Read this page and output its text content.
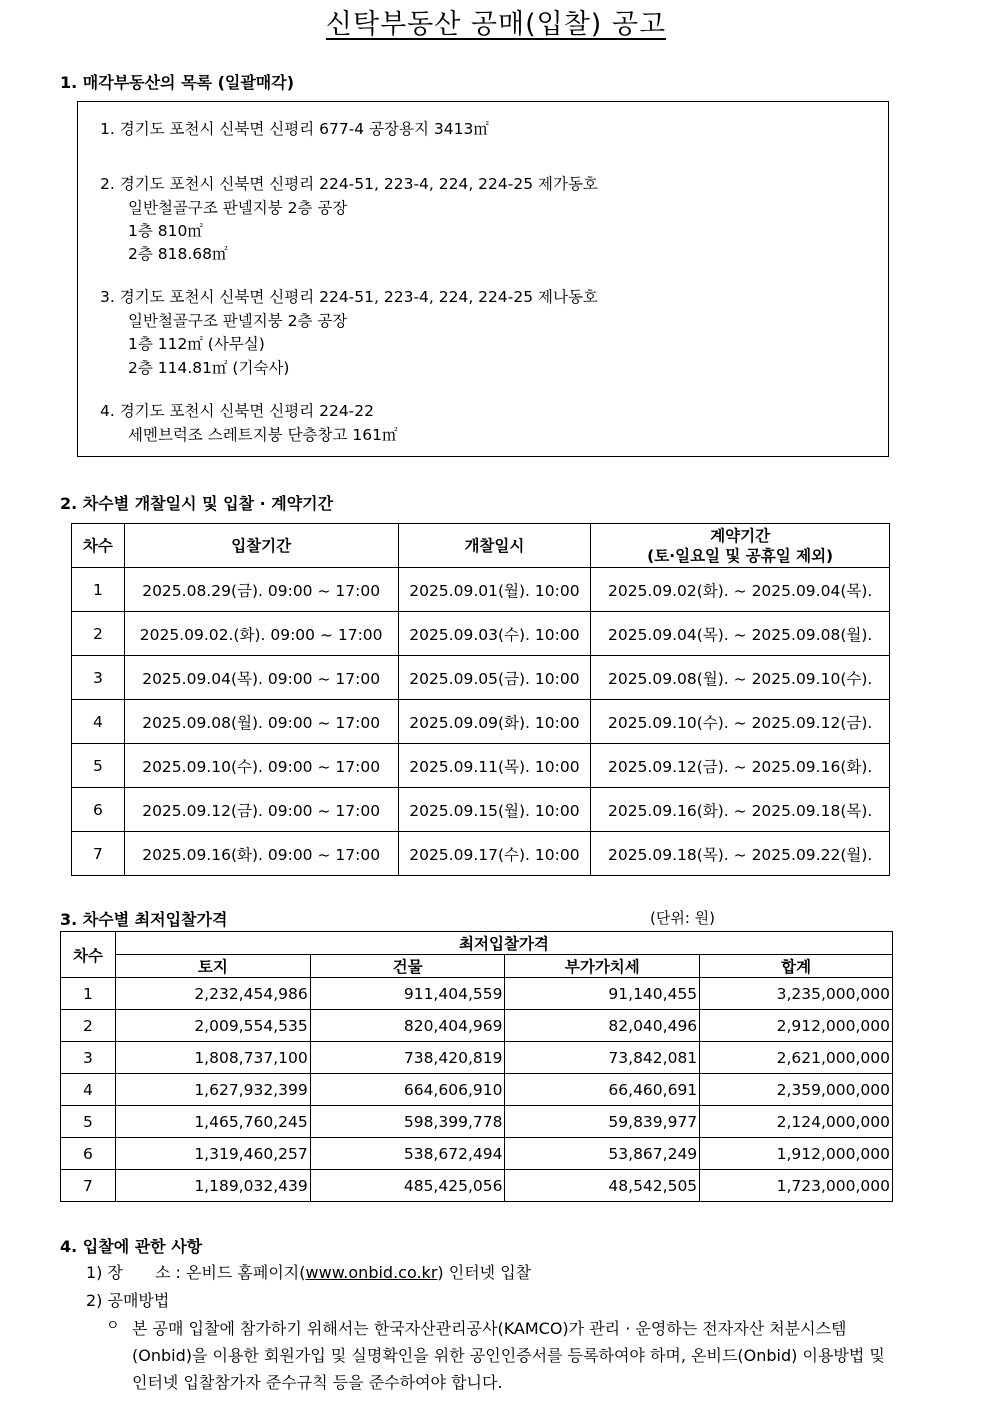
신탁부동산 공매(입찰) 공고
1. 매각부동산의 목록 (일괄매각)
1. 경기도 포천시 신북면 신평리 677-4 공장용지 3413㎡
2. 경기도 포천시 신북면 신평리 224-51, 223-4, 224, 224-25 제가동호
일반철골구조 판넬지붕 2층 공장
1층 810㎡
2층 818.68㎡
3. 경기도 포천시 신북면 신평리 224-51, 223-4, 224, 224-25 제나동호
일반철골구조 판넬지붕 2층 공장
1층 112㎡ (사무실)
2층 114.81㎡ (기숙사)
4. 경기도 포천시 신북면 신평리 224-22
세멘브럭조 스레트지붕 단층창고 161㎡
2. 차수별 개찰일시 및 입찰 · 계약기간
차수	입찰기간	개찰일시	계약기간
(토·일요일 및 공휴일 제외)

1	2025.08.29(금). 09:00 ~ 17:00	2025.09.01(월). 10:00	2025.09.02(화). ~ 2025.09.04(목).
2	2025.09.02.(화). 09:00 ~ 17:00	2025.09.03(수). 10:00	2025.09.04(목). ~ 2025.09.08(월).
3	2025.09.04(목). 09:00 ~ 17:00	2025.09.05(금). 10:00	2025.09.08(월). ~ 2025.09.10(수).
4	2025.09.08(월). 09:00 ~ 17:00	2025.09.09(화). 10:00	2025.09.10(수). ~ 2025.09.12(금).
5	2025.09.10(수). 09:00 ~ 17:00	2025.09.11(목). 10:00	2025.09.12(금). ~ 2025.09.16(화).
6	2025.09.12(금). 09:00 ~ 17:00	2025.09.15(월). 10:00	2025.09.16(화). ~ 2025.09.18(목).
7	2025.09.16(화). 09:00 ~ 17:00	2025.09.17(수). 10:00	2025.09.18(목). ~ 2025.09.22(월).
3. 차수별 최저입찰가격	(단위: 원)
차수	최저입찰가격			
	토지	건물	부가가치세	합계
1	2,232,454,986	911,404,559	91,140,455	3,235,000,000
2	2,009,554,535	820,404,969	82,040,496	2,912,000,000
3	1,808,737,100	738,420,819	73,842,081	2,621,000,000
4	1,627,932,399	664,606,910	66,460,691	2,359,000,000
5	1,465,760,245	598,399,778	59,839,977	2,124,000,000
6	1,319,460,257	538,672,494	53,867,249	1,912,000,000
7	1,189,032,439	485,425,056	48,542,505	1,723,000,000
4. 입찰에 관한 사항
1) 장　　소 : 온비드 홈페이지(www.onbid.co.kr) 인터넷 입찰
2) 공매방법
ㅇ 본 공매 입찰에 참가하기 위해서는 한국자산관리공사(KAMCO)가 관리 · 운영하는 전자자산 처분시스템(Onbid)을 이용한 회원가입 및 실명확인을 위한 공인인증서를 등록하여야 하며, 온비드(Onbid) 이용방법 및 인터넷 입찰참가자 준수규칙 등을 준수하여야 합니다.
